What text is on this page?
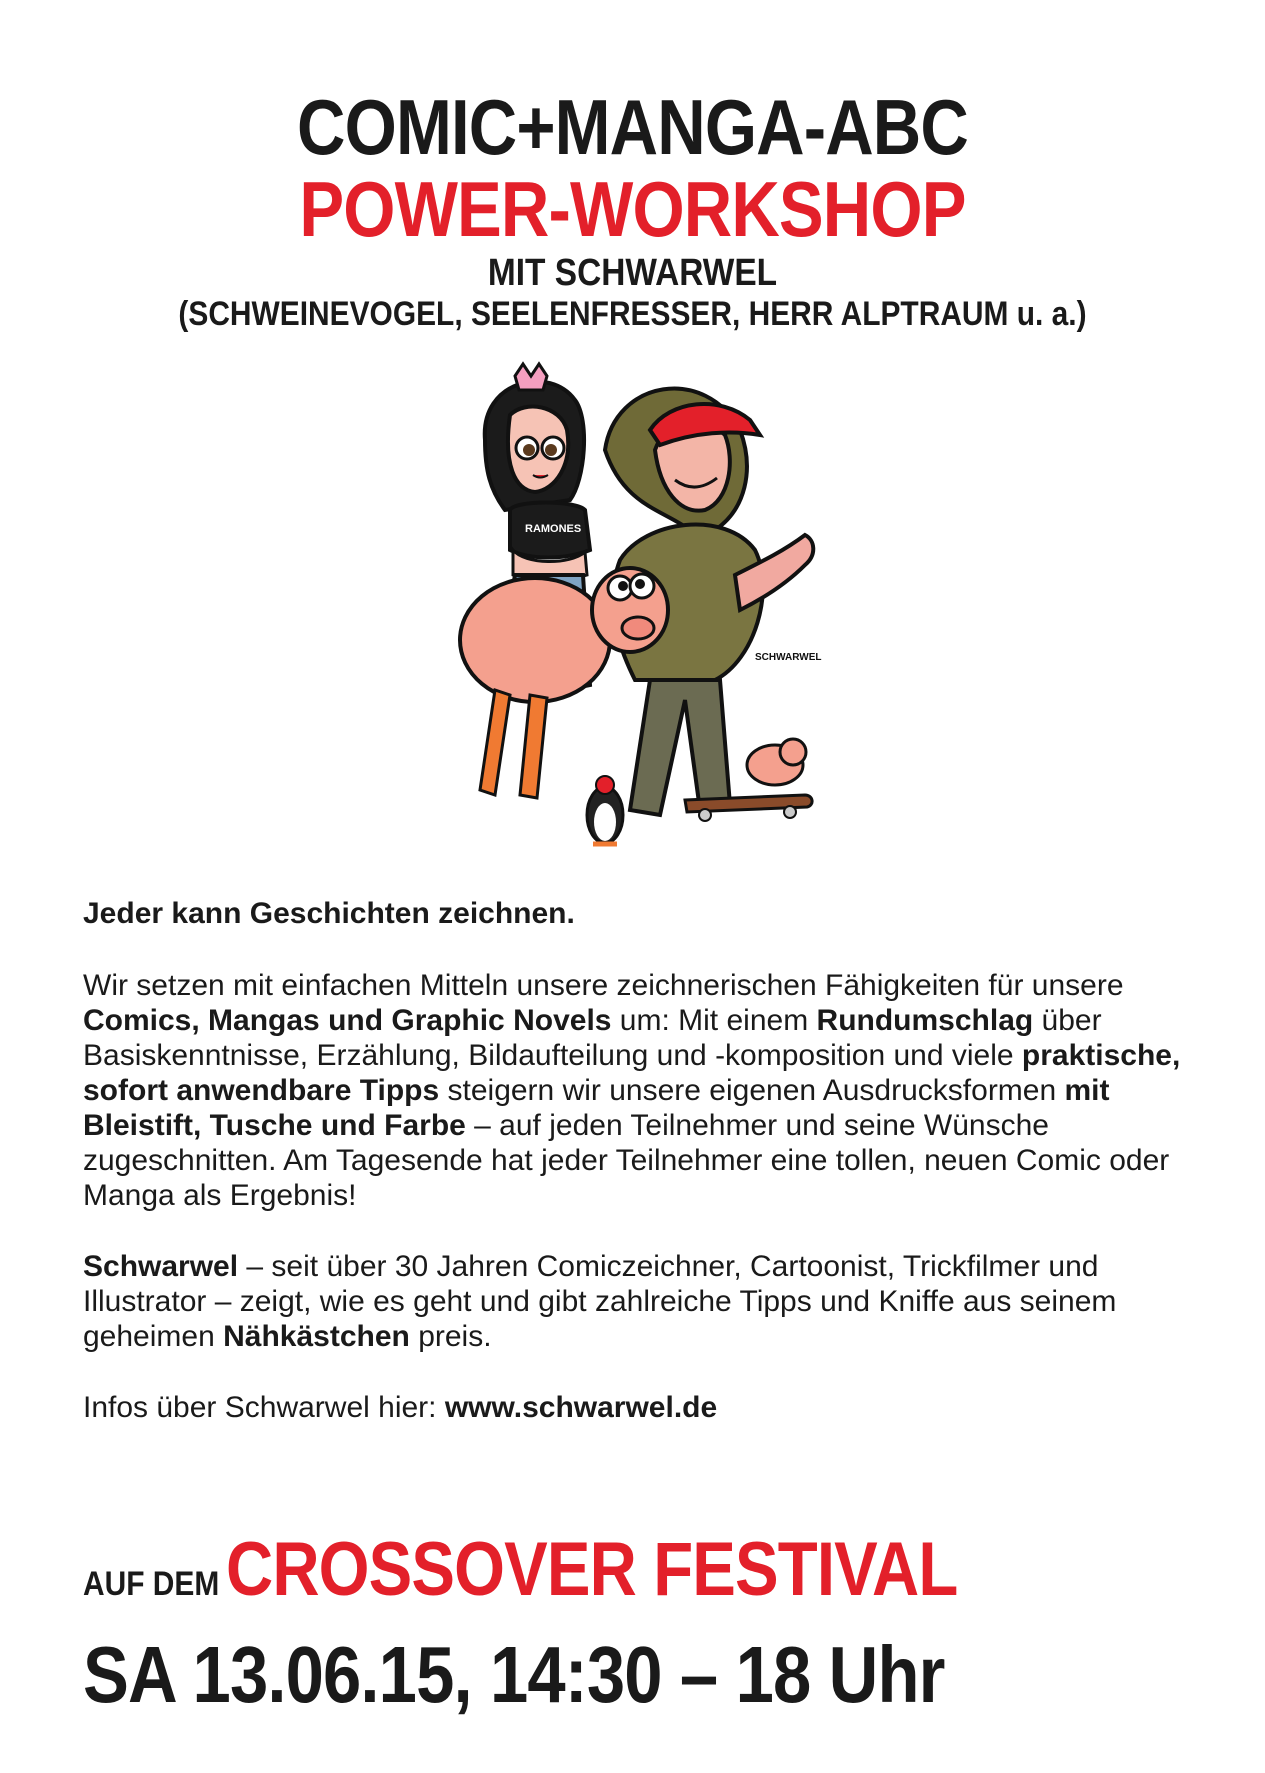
COMIC+MANGA-ABC
POWER-WORKSHOP
MIT SCHWARWEL
(SCHWEINEVOGEL, SEELENFRESSER, HERR ALPTRAUM u. a.)
RAMONES
SCHWARWEL

Jeder kann Geschichten zeichnen.

Wir setzen mit einfachen Mitteln unsere zeichnerischen Fähigkeiten für unsere Comics, Mangas und Graphic Novels um: Mit einem Rundumschlag über Basiskenntnisse, Erzählung, Bildaufteilung und -komposition und viele praktische, sofort anwendbare Tipps steigern wir unsere eigenen Ausdrucksformen mit Bleistift, Tusche und Farbe – auf jeden Teilnehmer und seine Wünsche zugeschnitten. Am Tagesende hat jeder Teilnehmer eine tollen, neuen Comic oder Manga als Ergebnis!

Schwarwel – seit über 30 Jahren Comiczeichner, Cartoonist, Trickfilmer und Illustrator – zeigt, wie es geht und gibt zahlreiche Tipps und Kniffe aus seinem geheimen Nähkästchen preis.

Infos über Schwarwel hier: www.schwarwel.de

AUF DEM CROSSOVER FESTIVAL
SA 13.06.15, 14:30 – 18 Uhr
